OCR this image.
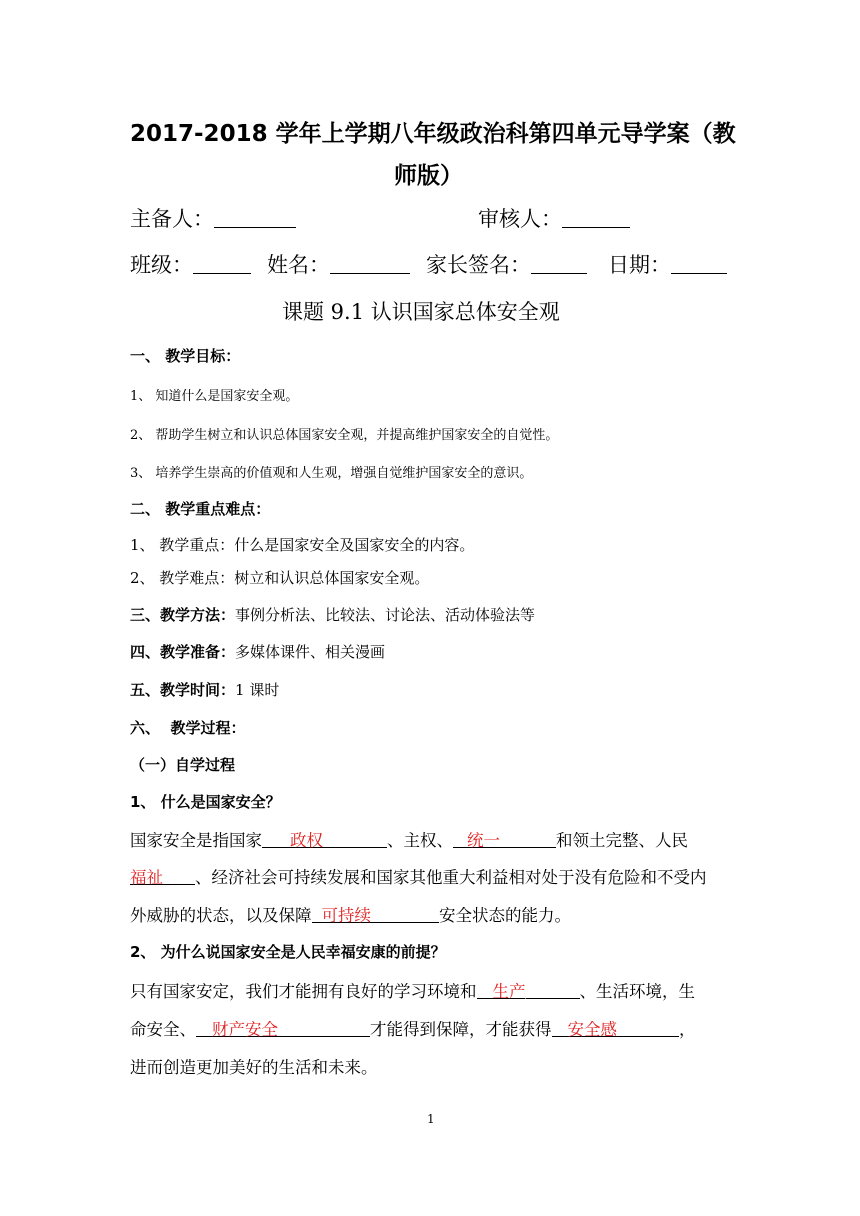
2017-2018 学年上学期八年级政治科第四单元导学案（教
师版）
主备人：	审核人：
班级：	姓名：	家长签名：	日期：
课题 9.1 认识国家总体安全观
一、 教学目标：
1、 知道什么是国家安全观。
2、 帮助学生树立和认识总体国家安全观，并提高维护国家安全的自觉性。
3、 培养学生崇高的价值观和人生观，增强自觉维护国家安全的意识。
二、 教学重点难点：
1、 教学重点：什么是国家安全及国家安全的内容。
2、 教学难点：树立和认识总体国家安全观。
三、教学方法：事例分析法、比较法、讨论法、活动体验法等
四、教学准备：多媒体课件、相关漫画
五、教学时间：1 课时
六、  教学过程：
（一）自学过程
1、 什么是国家安全？
国家安全是指国家 政权	、主权、 统一	和领土完整、人民
福祉 、经济社会可持续发展和国家其他重大利益相对处于没有危险和不受内
外威胁的状态，以及保障 可持续	安全状态的能力。
2、 为什么说国家安全是人民幸福安康的前提？
只有国家安定，我们才能拥有良好的学习环境和 生产	、生活环境，生
命安全、 财产安全	才能得到保障，才能获得 安全感	，
进而创造更加美好的生活和未来。
1
